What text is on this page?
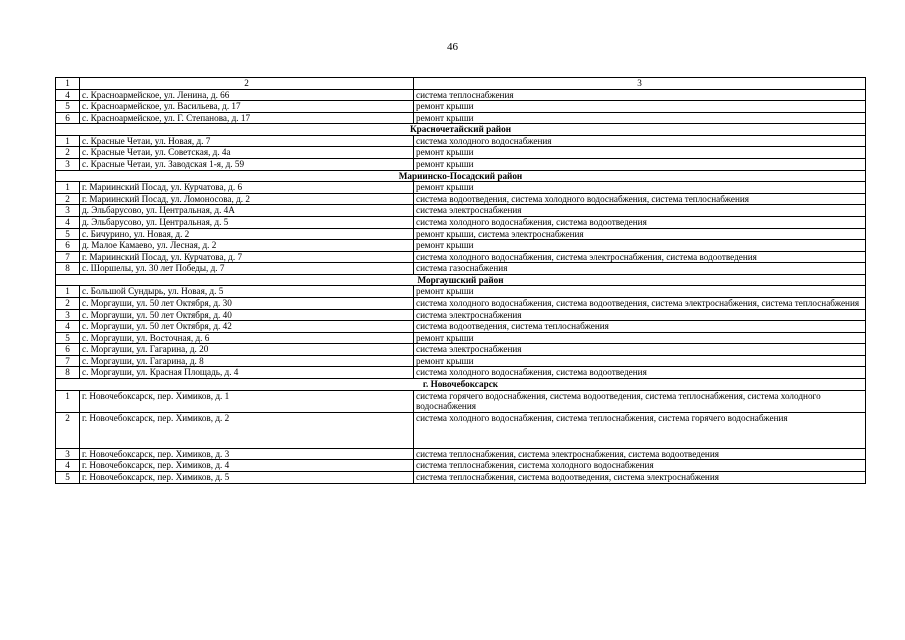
46
1	2	3
4	с. Красноармейское, ул. Ленина, д. 66	система теплоснабжения
5	с. Красноармейское, ул. Васильева, д. 17	ремонт крыши
6	с. Красноармейское, ул. Г. Степанова, д. 17	ремонт крыши
Красночетайский район		
1	с. Красные Четаи, ул. Новая, д. 7	система холодного водоснабжения
2	с. Красные Четаи, ул. Советская, д. 4а	ремонт крыши
3	с. Красные Четаи, ул. Заводская 1-я, д. 59	ремонт крыши
Мариинско-Посадский район		
1	г. Мариинский Посад, ул. Курчатова, д. 6	ремонт крыши
2	г. Мариинский Посад, ул. Ломоносова, д. 2	система водоотведения, система холодного водоснабжения, система теплоснабжения
3	д. Эльбарусово, ул. Центральная, д. 4А	система электроснабжения
4	д. Эльбарусово, ул. Центральная, д. 5	система холодного водоснабжения, система водоотведения
5	с. Бичурино, ул. Новая, д. 2	ремонт крыши, система электроснабжения
6	д. Малое Камаево, ул. Лесная, д. 2	ремонт крыши
7	г. Мариинский Посад, ул. Курчатова, д. 7	система холодного водоснабжения, система электроснабжения, система водоотведения
8	с. Шоршелы, ул. 30 лет Победы, д. 7	система газоснабжения
Моргаушский район		
1	с. Большой Сундырь, ул. Новая, д. 5	ремонт крыши
2	с. Моргауши, ул. 50 лет Октября, д. 30	система холодного водоснабжения, система водоотведения, система электроснабжения, система теплоснабжения
3	с. Моргауши, ул. 50 лет Октября, д. 40	система электроснабжения
4	с. Моргауши, ул. 50 лет Октября, д. 42	система водоотведения, система теплоснабжения
5	с. Моргауши, ул. Восточная, д. 6	ремонт крыши
6	с. Моргауши, ул. Гагарина, д. 20	система электроснабжения
7	с. Моргауши, ул. Гагарина, д. 8	ремонт крыши
8	с. Моргауши, ул. Красная Площадь, д. 4	система холодного водоснабжения, система водоотведения
г. Новочебоксарск		
1	г. Новочебоксарск, пер. Химиков, д. 1	система горячего водоснабжения, система водоотведения, система теплоснабжения, система холодного водоснабжения
2	г. Новочебоксарск, пер. Химиков, д. 2	система холодного водоснабжения, система теплоснабжения, система горячего водоснабжения
3	г. Новочебоксарск, пер. Химиков, д. 3	система теплоснабжения, система электроснабжения, система водоотведения
4	г. Новочебоксарск, пер. Химиков, д. 4	система теплоснабжения, система холодного водоснабжения
5	г. Новочебоксарск, пер. Химиков, д. 5	система теплоснабжения, система водоотведения, система электроснабжения
